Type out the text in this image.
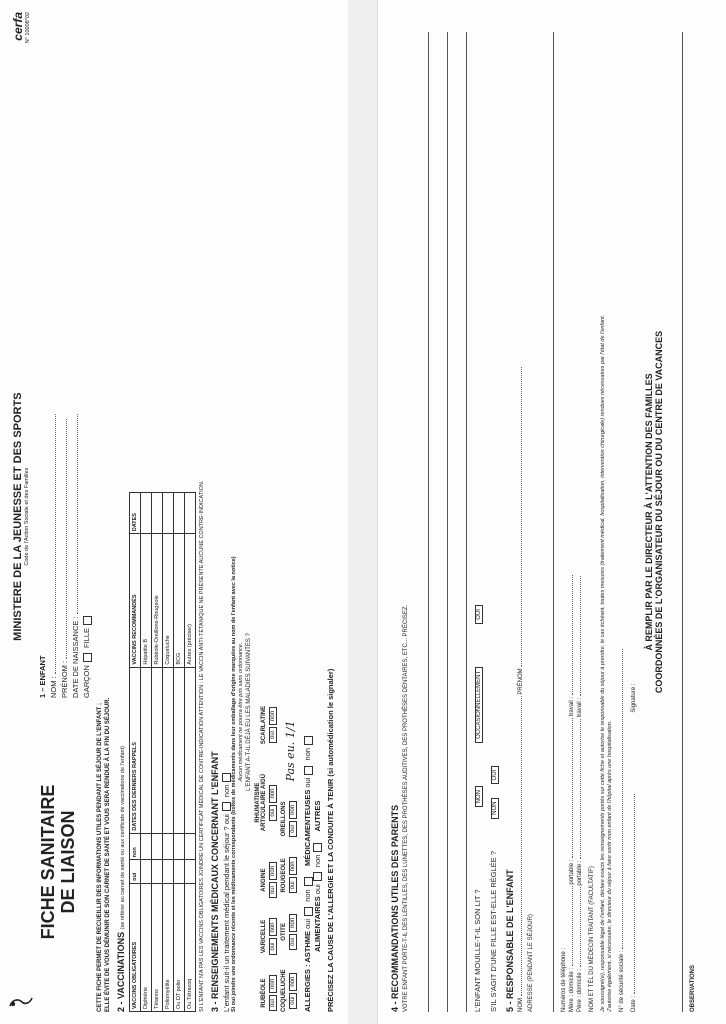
MINISTERE DE LA JEUNESSE ET DES SPORTS Code de l'Action Sociale et des Familles
cerfa N° 10008*02
FICHE SANITAIRE DE LIAISON
1 – ENFANT NOM : PRÉNOM : DATE DE NAISSANCE : GARÇON FILLE
CETTE FICHE PERMET DE RECUEILLIR DES INFORMATIONS UTILES PENDANT LE SÉJOUR DE L'ENFANT ; ELLE ÉVITE DE VOUS DÉMUNIR DE SON CARNET DE SANTÉ ET VOUS SERA RENDUE À LA FIN DU SÉJOUR. 2 - VACCINATIONS (se référer au carnet de santé ou aux certificats de vaccinations de l'enfant)
VACCINS OBLIGATOIRES	oui	non	DATES DES DERNIERS RAPPELS	VACCINS RECOMMANDÉS	DATES
Diphtérie				Hépatite B	
Tétanos				Rubéole-Oreillons-Rougeole	
Poliomyélite				Coqueluche	
Ou DT polio				BCG	
Ou Tétracoq				Autres (préciser)	SI L'ENFANT N'A PAS LES VACCINS OBLIGATOIRES JOINDRE UN CERTIFICAT MÉDICAL DE CONTRE-INDICATION ATTENTION : LE VACCIN ANTI-TÉTANIQUE NE PRÉSENTE AUCUNE CONTRE-INDICATION. 3 - RENSEIGNEMENTS MÉDICAUX CONCERNANT L'ENFANT L'enfant suit-il un traitement médical pendant le séjour ? oui non Si oui joindre une ordonnance récente et les médicaments correspondants (boîtes de médicaments dans leur emballage d'origine marquées au nom de l'enfant avec la notice) Aucun médicament ne pourra être pris sans ordonnance. L'ENFANT A-T-IL DÉJÀ EU LES MALADIES SUIVANTES ?
RUBÉOLE ouinon
VARICELLE ouinon
ANGINE ouinon
RHUMATISME ARTICULAIRE AIGÜ ouinon
SCARLATINE ouinon
COQUELUCHE ouinon
OTITE
ouinon
ROUGEOLE ouinon
OREILLONS ouinon Pas eu. 1/1
ALLERGIES : ASTHME oui non    MÉDICAMENTEUSES oui non
ALIMENTAIRES oui non    AUTRES PRÉCISEZ LA CAUSE DE L'ALLERGIE ET LA CONDUITE À TENIR (si automédication le signaler)	4 - RECOMMANDATIONS UTILES DES PARENTS VOTRE ENFANT PORTE-T-IL DES LENTILLES, DES LUNETTES, DES PROTHÈSES AUDITIVES, DES PROTHÈSES DENTAIRES, ETC... PRÉCISEZ.	L'ENFANT MOUILLE-T-IL SON LIT ? NON OCCASIONNELLEMENT OUI
S'IL S'AGIT D'UNE FILLE EST-ELLE RÉGLÉE ? NON OUI
5 - RESPONSABLE DE L'ENFANT NOM  PRÉNOM
ADRESSE (PENDANT LE SÉJOUR)	Numéros de téléphone : Mère : domicile :  portable :  travail :
Père : domicile :  portable :  travail :
NOM ET TÉL DU MÉDECIN TRAITANT (FACULTATIF) Je soussigné(e), responsable légal de l'enfant, déclare exacts les renseignements portés sur cette fiche et autorise le responsable du séjour à prendre, le cas échéant, toutes mesures (traitement médical, hospitalisation, intervention chirurgicale) rendues nécessaires par l'état de l'enfant. J'autorise également, si nécessaire, le directeur du séjour à faire sortir mon enfant de l'hôpital après une hospitalisation. N° de sécurité sociale : Date :  Signature :
À REMPLIR PAR LE DIRECTEUR À L'ATTENTION DES FAMILLES COORDONNÉES DE L'ORGANISATEUR DU SÉJOUR OU DU CENTRE DE VACANCES
OBSERVATIONS
